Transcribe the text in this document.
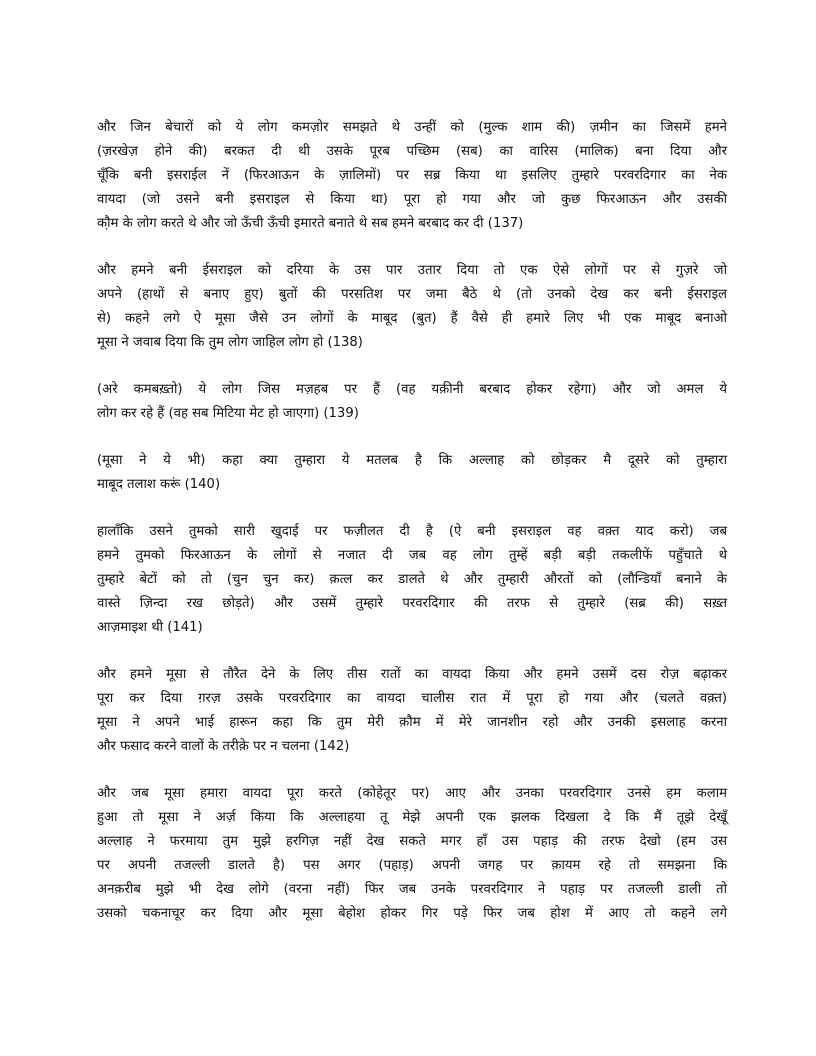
और जिन बेचारों को ये लोग कमज़ोर समझते थे उन्हीं को (मुल्क शाम की) ज़मीन का जिसमें हमने
(ज़रखेज़ होने की) बरकत दी थी उसके पूरब पच्छिम (सब) का वारिस (मालिक) बना दिया और
चूँकि बनी इसराईल नें (फिरआऊन के ज़ालिमों) पर सब्र किया था इसलिए तुम्हारे परवरदिगार का नेक
वायदा (जो उसने बनी इसराइल से किया था) पूरा हो गया और जो कुछ फिरआऊन और उसकी
कौ़म के लोग करते थे और जो ऊँची ऊँची इमारते बनाते थे सब हमने बरबाद कर दी (137)

और हमने बनी ईसराइल को दरिया के उस पार उतार दिया तो एक ऐसे लोगों पर से गुज़रे जो
अपने (हाथों से बनाए हुए) बुतों की परसतिश पर जमा बैठे थे (तो उनको देख कर बनी ईसराइल
से) कहने लगे ऐ मूसा जैसे उन लोगों के माबूद (बुत) हैं वैसे ही हमारे लिए भी एक माबूद बनाओ
मूसा ने जवाब दिया कि तुम लोग जाहिल लोग हो (138)

(अरे कमबख़्तो) ये लोग जिस मज़हब पर हैं (वह यक़ीनी बरबाद होकर रहेगा) और जो अमल ये
लोग कर रहे हैं (वह सब मिटिया मेट हो जाएगा) (139)

(मूसा ने ये भी) कहा क्या तुम्हारा ये मतलब है कि अल्लाह को छोड़कर मै दूसरे को तुम्हारा
माबूद तलाश करूं (140)

हालाँकि उसने तुमको सारी खुदाई पर फज़ीलत दी है (ऐ बनी इसराइल वह वक़्त याद करो) जब
हमने तुमको फिरआऊन के लोगों से नजात दी जब वह लोग तुम्हें बड़ी बड़ी तकलीफें पहुँचाते थे
तुम्हारे बेटों को तो (चुन चुन कर) क़त्ल कर डालते थे और तुम्हारी औरतों को (लौन्डियाँ बनाने के
वास्ते ज़िन्दा रख छोड़ते) और उसमें तुम्हारे परवरदिगार की तरफ से तुम्हारे (सब्र की) सख़्त
आज़माइश थी (141)

और हमने मूसा से तौरैत देने के लिए तीस रातों का वायदा किया और हमने उसमें दस रोज़ बढ़ाकर
पूरा कर दिया ग़रज़ उसके परवरदिगार का वायदा चालीस रात में पूरा हो गया और (चलते वक़्त)
मूसा ने अपने भाई हारून कहा कि तुम मेरी क़ौम में मेरे जानशीन रहो और उनकी इसलाह करना
और फसाद करने वालों के तरीके़ पर न चलना (142)

और जब मूसा हमारा वायदा पूरा करते (कोहेतूर पर) आए और उनका परवरदिगार उनसे हम कलाम
हुआ तो मूसा ने अर्ज़ किया कि अल्लाहया तू मेझे अपनी एक झलक दिखला दे कि मैं तूझे देखूँ
अल्लाह ने फरमाया तुम मुझे हरगिज़ नहीं देख सकते मगर हाँ उस पहाड़ की तरफ देखो (हम उस
पर अपनी तजल्ली डालते है) पस अगर (पहाड़) अपनी जगह पर क़ायम रहे तो समझना कि
अनक़रीब मुझे भी देख लोगे (वरना नहीं) फिर जब उनके परवरदिगार ने पहाड़ पर तजल्ली डाली तो
उसको चकनाचूर कर दिया और मूसा बेहोश होकर गिर पड़े फिर जब होश में आए तो कहने लगे
